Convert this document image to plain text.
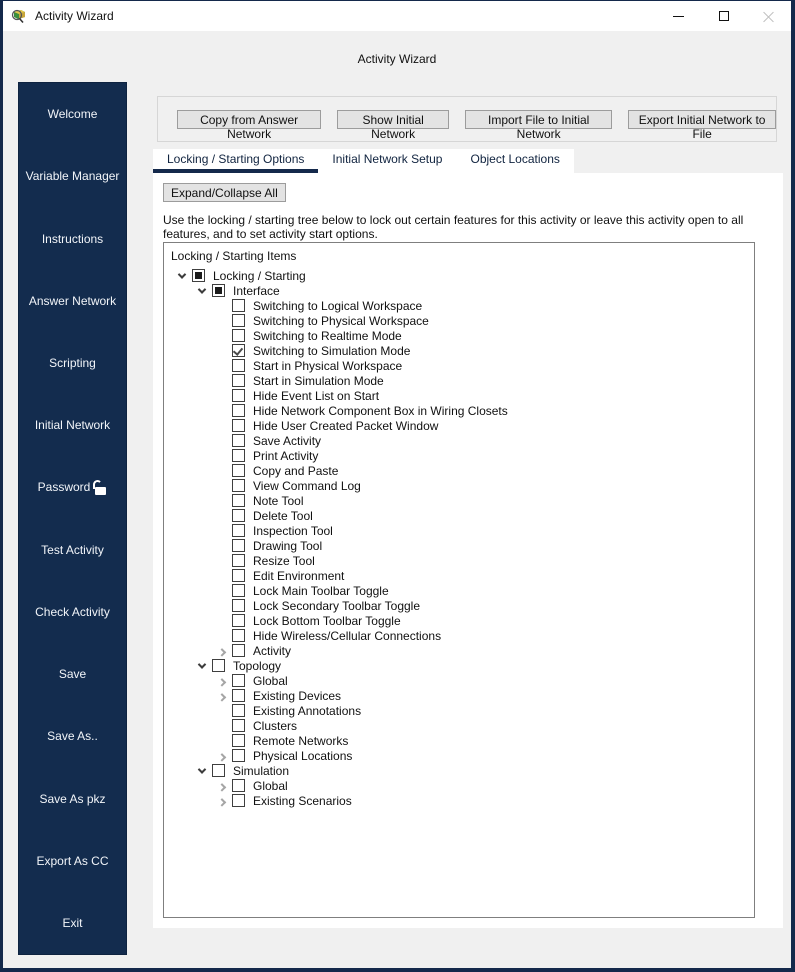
Activity Wizard
Activity Wizard
Welcome
Variable Manager
Instructions
Answer Network
Scripting
Initial Network
Password
Test Activity
Check Activity
Save
Save As..
Save As pkz
Export As CC
Exit
Copy from Answer Network
Show Initial Network
Import File to Initial Network
Export Initial Network to File
Locking / Starting Options	Initial Network Setup	Object Locations
Expand/Collapse All
Use the locking / starting tree below to lock out certain features for this activity or leave this activity open to all features, and to set activity start options.
Locking / Starting Items
Locking / Starting
Interface
Switching to Logical Workspace
Switching to Physical Workspace
Switching to Realtime Mode
Switching to Simulation Mode
Start in Physical Workspace
Start in Simulation Mode
Hide Event List on Start
Hide Network Component Box in Wiring Closets
Hide User Created Packet Window
Save Activity
Print Activity
Copy and Paste
View Command Log
Note Tool
Delete Tool
Inspection Tool
Drawing Tool
Resize Tool
Edit Environment
Lock Main Toolbar Toggle
Lock Secondary Toolbar Toggle
Lock Bottom Toolbar Toggle
Hide Wireless/Cellular Connections
Activity
Topology
Global
Existing Devices
Existing Annotations
Clusters
Remote Networks
Physical Locations
Simulation
Global
Existing Scenarios
